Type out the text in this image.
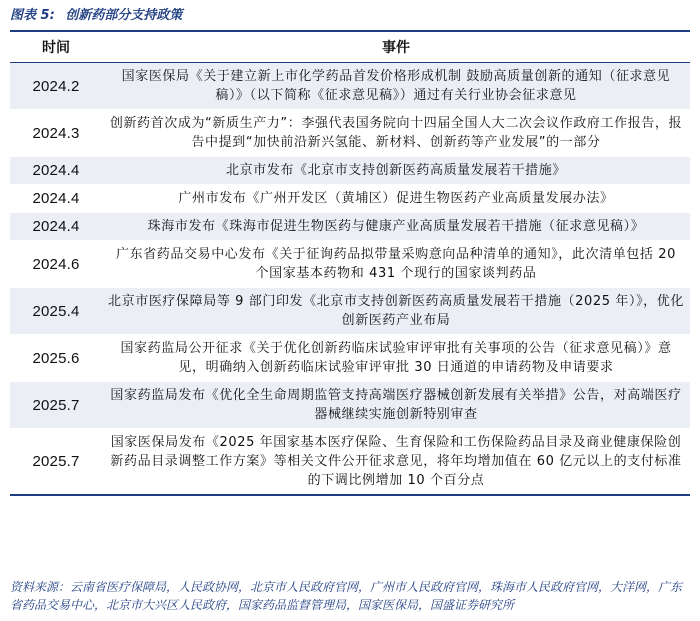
图表 5: 创新药部分支持政策
时间	事件
2024.2	国家医保局《关于建立新上市化学药品首发价格形成机制 鼓励高质量创新的通知（征求意见稿）》（以下简称《征求意见稿》）通过有关行业协会征求意见
2024.3	创新药首次成为“新质生产力”：李强代表国务院向十四届全国人大二次会议作政府工作报告，报告中提到“加快前沿新兴氢能、新材料、创新药等产业发展”的一部分
2024.4	北京市发布《北京市支持创新医药高质量发展若干措施》
2024.4	广州市发布《广州开发区（黄埔区）促进生物医药产业高质量发展办法》
2024.4	珠海市发布《珠海市促进生物医药与健康产业高质量发展若干措施（征求意见稿）》
2024.6	广东省药品交易中心发布《关于征询药品拟带量采购意向品种清单的通知》，此次清单包括 20 个国家基本药物和 431 个现行的国家谈判药品
2025.4	北京市医疗保障局等 9 部门印发《北京市支持创新医药高质量发展若干措施（2025 年）》，优化创新医药产业布局
2025.6	国家药监局公开征求《关于优化创新药临床试验审评审批有关事项的公告（征求意见稿）》意见，明确纳入创新药临床试验审评审批 30 日通道的申请药物及申请要求
2025.7	国家药监局发布《优化全生命周期监管支持高端医疗器械创新发展有关举措》公告，对高端医疗器械继续实施创新特别审查
2025.7	国家医保局发布《2025 年国家基本医疗保险、生育保险和工伤保险药品目录及商业健康保险创新药品目录调整工作方案》等相关文件公开征求意见，将年均增加值在 60 亿元以上的支付标准的下调比例增加 10 个百分点
资料来源：云南省医疗保障局，人民政协网，北京市人民政府官网，广州市人民政府官网，珠海市人民政府官网，大洋网，广东省药品交易中心，北京市大兴区人民政府，国家药品监督管理局，国家医保局，国盛证券研究所
